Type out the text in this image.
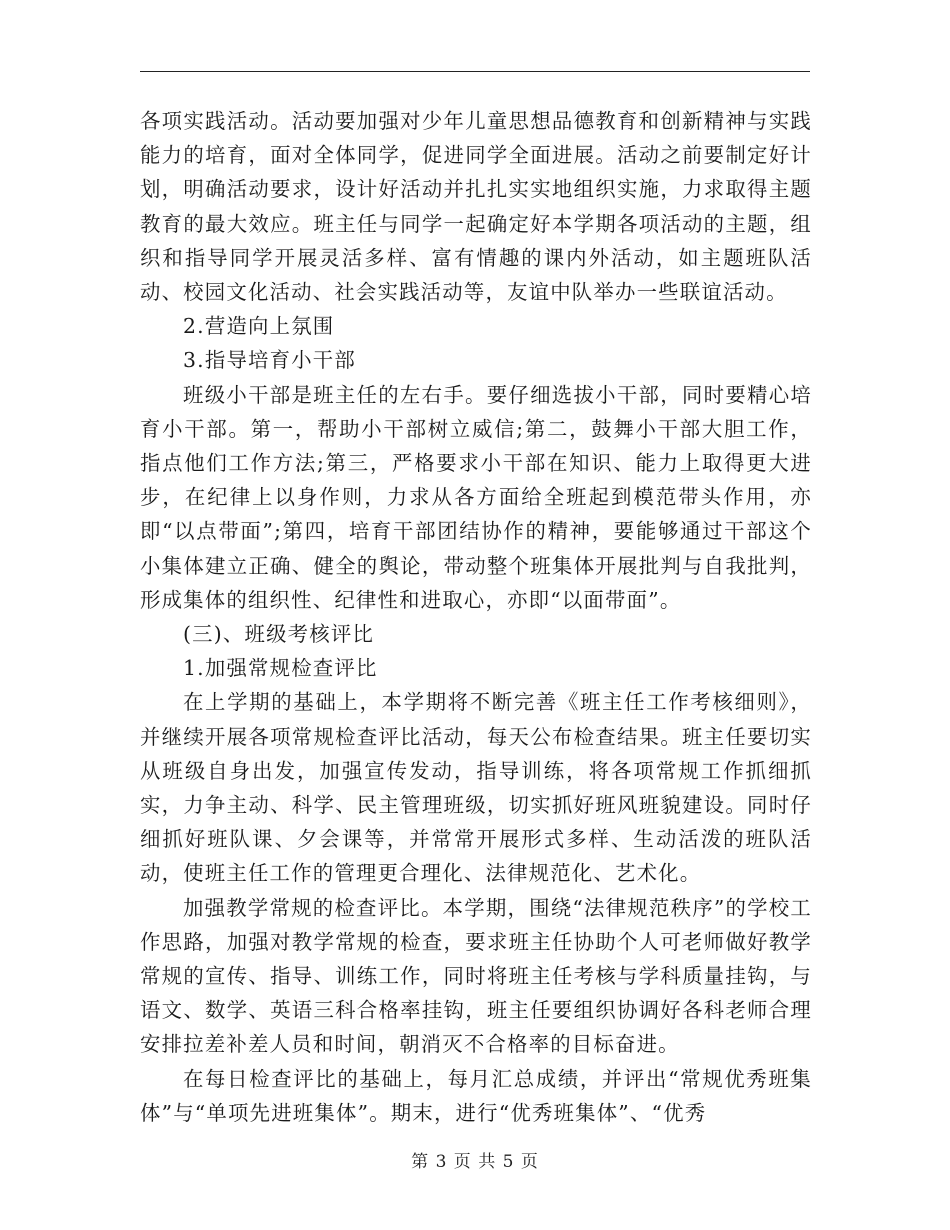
各项实践活动。活动要加强对少年儿童思想品德教育和创新精神与实践能力的培育，面对全体同学，促进同学全面进展。活动之前要制定好计划，明确活动要求，设计好活动并扎扎实实地组织实施，力求取得主题教育的最大效应。班主任与同学一起确定好本学期各项活动的主题，组织和指导同学开展灵活多样、富有情趣的课内外活动，如主题班队活动、校园文化活动、社会实践活动等，友谊中队举办一些联谊活动。

2.营造向上氛围

3.指导培育小干部

班级小干部是班主任的左右手。要仔细选拔小干部，同时要精心培育小干部。第一，帮助小干部树立威信;第二，鼓舞小干部大胆工作，指点他们工作方法;第三，严格要求小干部在知识、能力上取得更大进步，在纪律上以身作则，力求从各方面给全班起到模范带头作用，亦即“以点带面”;第四，培育干部团结协作的精神，要能够通过干部这个小集体建立正确、健全的舆论，带动整个班集体开展批判与自我批判，形成集体的组织性、纪律性和进取心，亦即“以面带面”。

(三)、班级考核评比

1.加强常规检查评比

在上学期的基础上，本学期将不断完善《班主任工作考核细则》，并继续开展各项常规检查评比活动，每天公布检查结果。班主任要切实从班级自身出发，加强宣传发动，指导训练，将各项常规工作抓细抓实，力争主动、科学、民主管理班级，切实抓好班风班貌建设。同时仔细抓好班队课、夕会课等，并常常开展形式多样、生动活泼的班队活动，使班主任工作的管理更合理化、法律规范化、艺术化。

加强教学常规的检查评比。本学期，围绕“法律规范秩序”的学校工作思路，加强对教学常规的检查，要求班主任协助个人可老师做好教学常规的宣传、指导、训练工作，同时将班主任考核与学科质量挂钩，与语文、数学、英语三科合格率挂钩，班主任要组织协调好各科老师合理安排拉差补差人员和时间，朝消灭不合格率的目标奋进。

在每日检查评比的基础上，每月汇总成绩，并评出“常规优秀班集体”与“单项先进班集体”。期末，进行“优秀班集体”、“优秀

第 3 页 共 5 页
